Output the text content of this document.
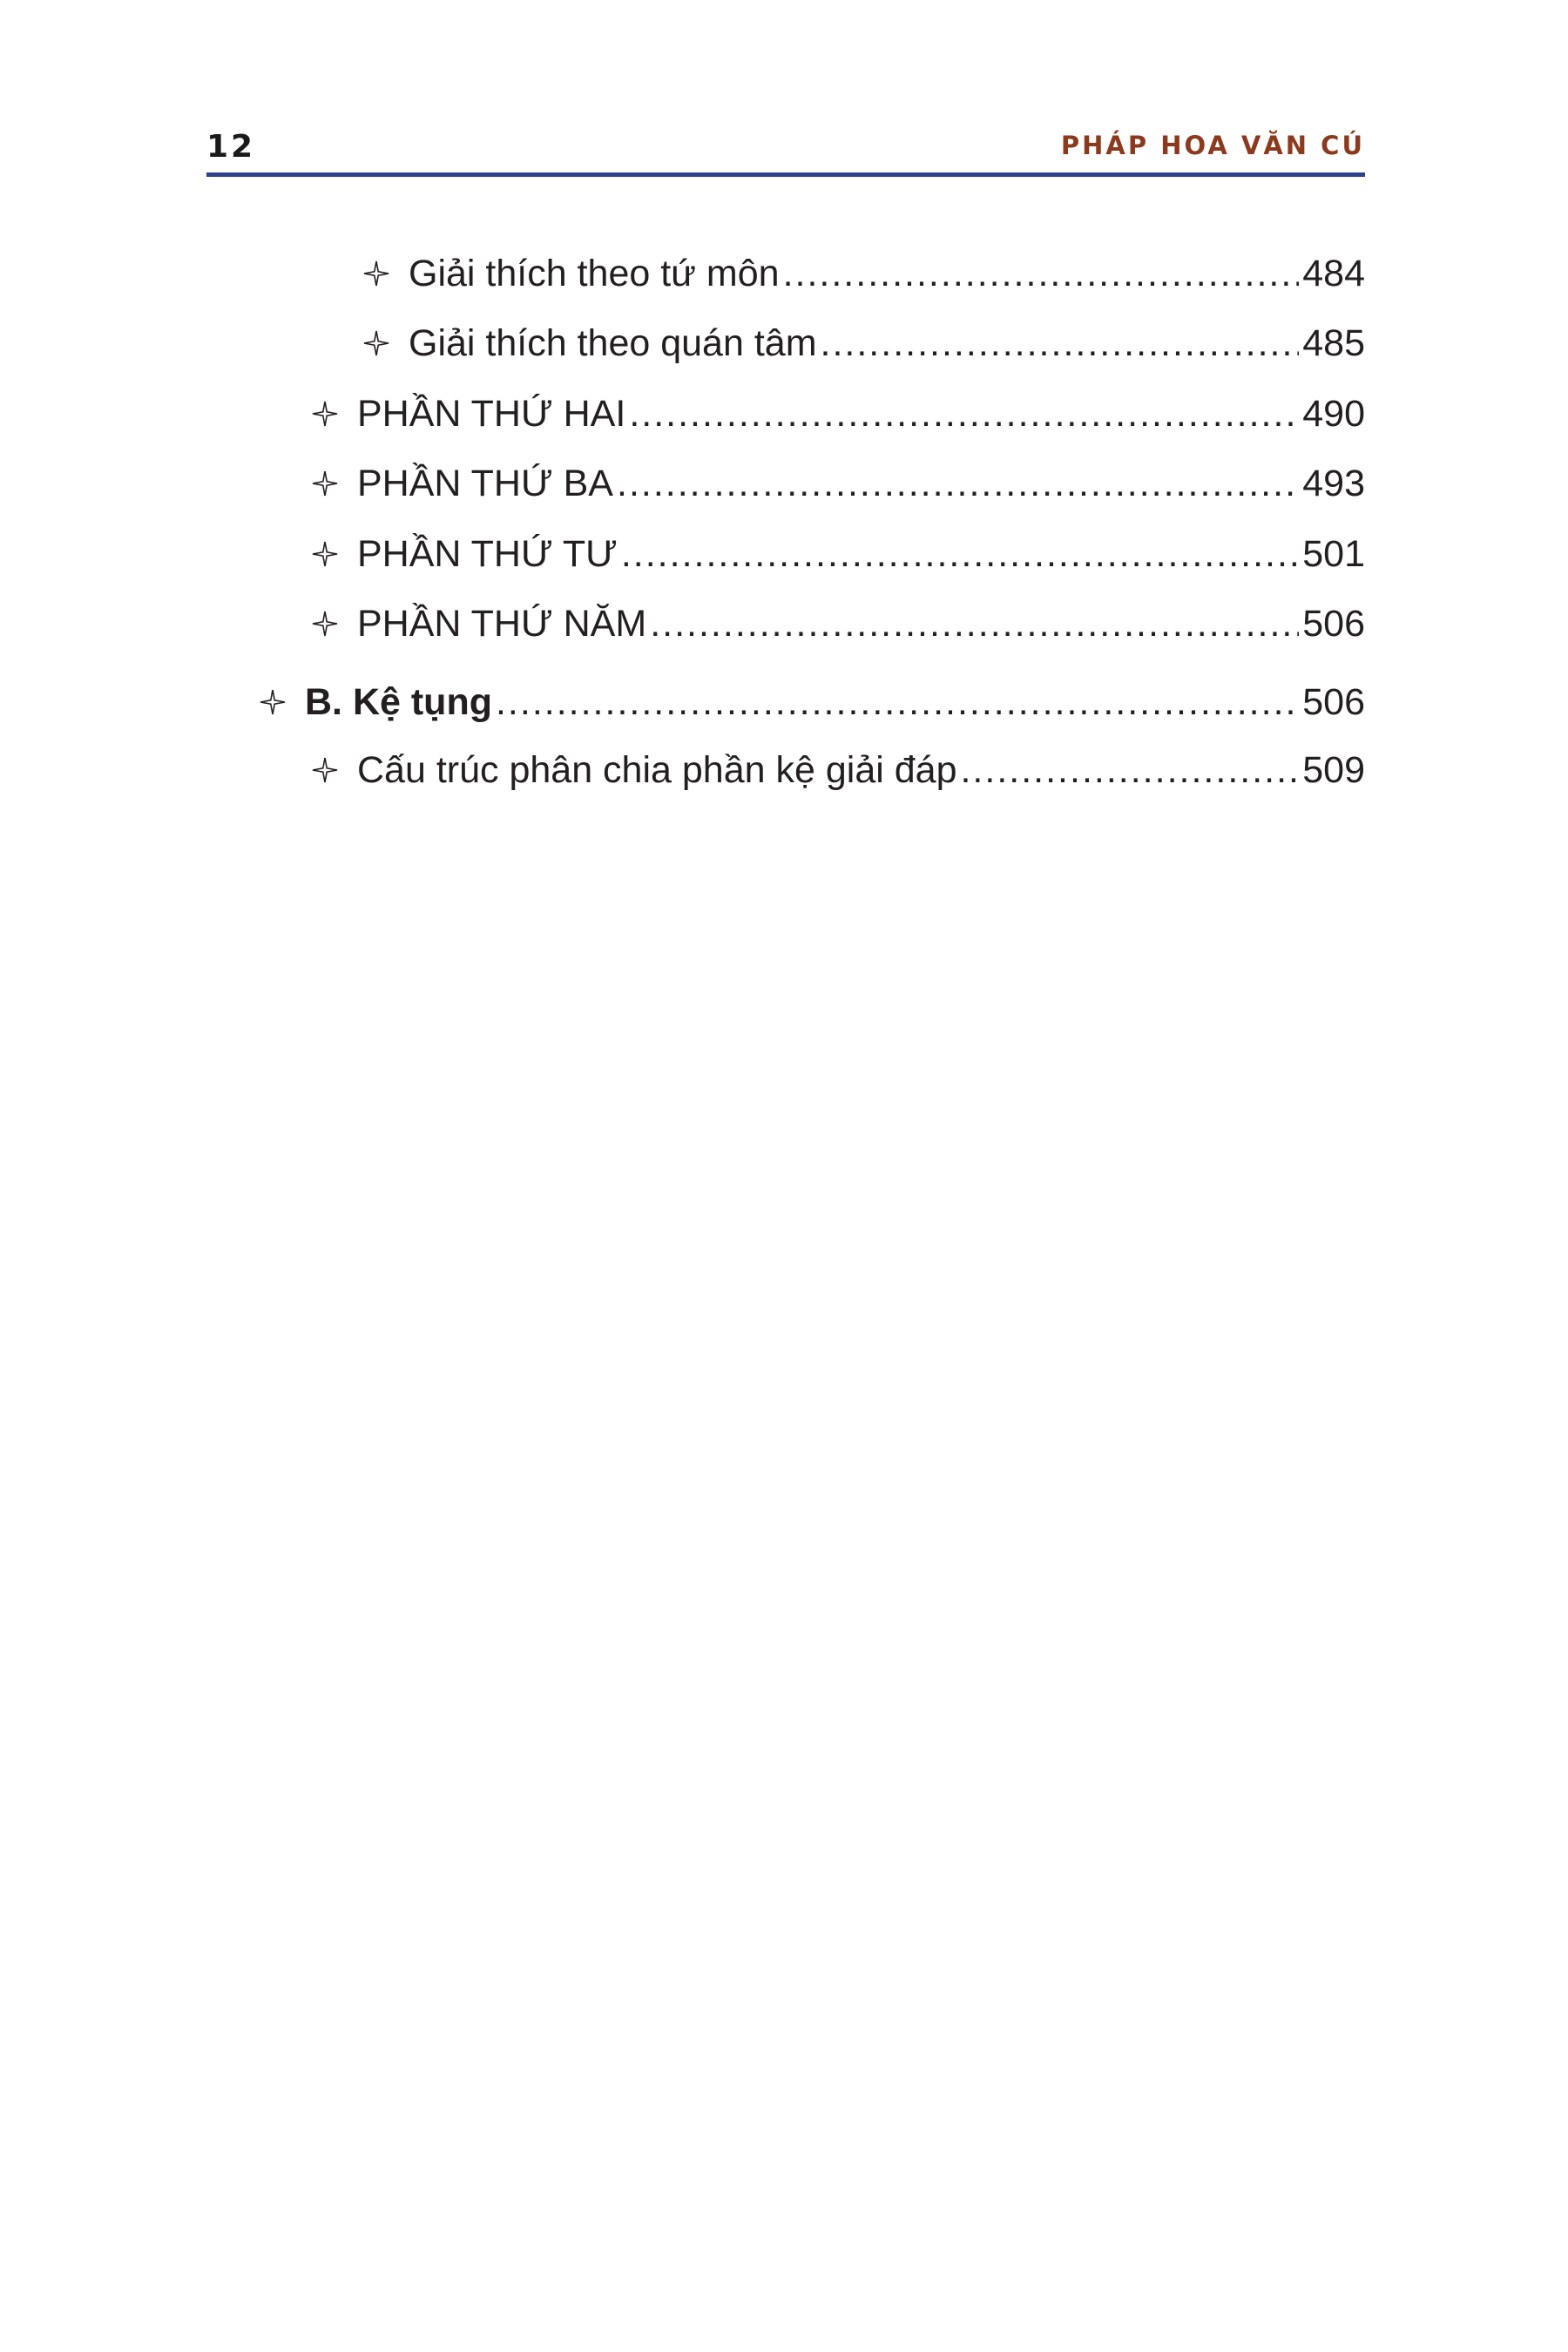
12	PHÁP HOA VĂN CÚ
Giải thích theo tứ môn .....	484
Giải thích theo quán tâm .....	485
PHẦN THỨ HAI .....	490
PHẦN THỨ BA .....	493
PHẦN THỨ TƯ .....	501
PHẦN THỨ NĂM .....	506
B. Kệ tụng .....	506
Cấu trúc phân chia phần kệ giải đáp .....	509
